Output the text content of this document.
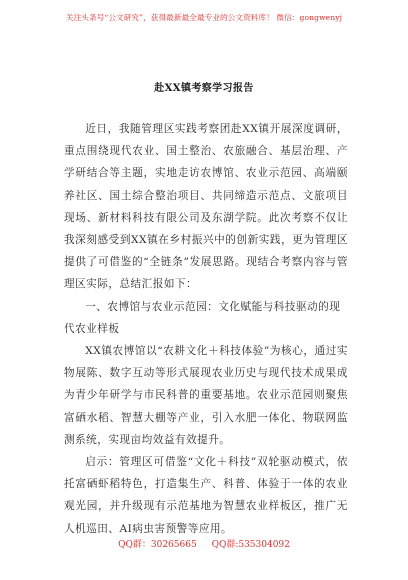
关注头条号“公文研究”，获得最新最全最专业的公文资料库！ 微信：gongwenyj
赴XX镇考察学习报告

近日，我随管理区实践考察团赴XX镇开展深度调研，重点围绕现代农业、国土整治、农旅融合、基层治理、产学研结合等主题，实地走访农博馆、农业示范园、高端颐养社区、国土综合整治项目、共同缔造示范点、文旅项目现场、新材料科技有限公司及东湖学院。此次考察不仅让我深刻感受到XX镇在乡村振兴中的创新实践，更为管理区提供了可借鉴的“全链条”发展思路。现结合考察内容与管理区实际，总结汇报如下：

一、农博馆与农业示范园：文化赋能与科技驱动的现代农业样板

XX镇农博馆以“农耕文化＋科技体验”为核心，通过实物展陈、数字互动等形式展现农业历史与现代技术成果成为青少年研学与市民科普的重要基地。农业示范园则聚焦富硒水稻、智慧大棚等产业，引入水肥一体化、物联网监测系统，实现亩均效益有效提升。

启示：管理区可借鉴“文化＋科技”双轮驱动模式，依托富硒虾稻特色，打造集生产、科普、体验于一体的农业观光园，并升级现有示范基地为智慧农业样板区，推广无人机巡田、AI病虫害预警等应用。

QQ群：30265665 QQ群:535304092
